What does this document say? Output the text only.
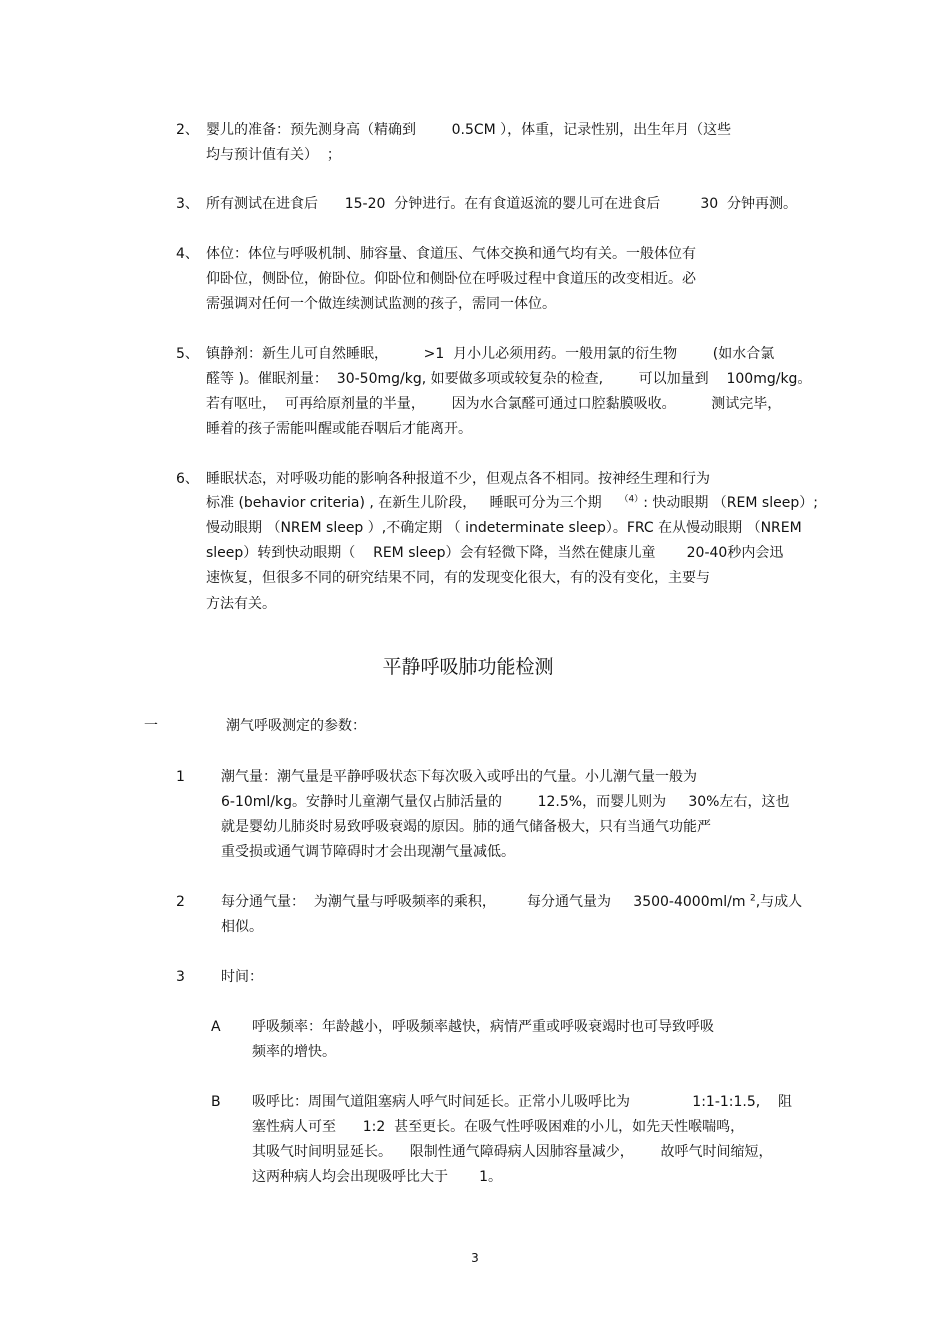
2、 婴儿的准备：预先测身高（精确到        0.5CM ），体重，记录性别，出生年月（这些
均与预计值有关）  ；
3、 所有测试在进食后      15-20  分钟进行。在有食道返流的婴儿可在进食后         30  分钟再测。
4、 体位：体位与呼吸机制、肺容量、食道压、气体交换和通气均有关。一般体位有
仰卧位，侧卧位，俯卧位。仰卧位和侧卧位在呼吸过程中食道压的改变相近。必
需强调对任何一个做连续测试监测的孩子，需同一体位。
5、 镇静剂：新生儿可自然睡眠，        >1  月小儿必须用药。一般用氯的衍生物        (如水合氯
醛等 )。催眠剂量：  30-50mg/kg, 如要做多项或较复杂的检查,        可以加量到    100mg/kg。
若有呕吐，  可再给原剂量的半量，      因为水合氯醛可通过口腔黏膜吸收。        测试完毕，
睡着的孩子需能叫醒或能吞咽后才能离开。
6、 睡眠状态，对呼吸功能的影响各种报道不少，但观点各不相同。按神经生理和行为
标准 (behavior criteria) , 在新生儿阶段，   睡眠可分为三个期    $^{(4)}$: 快动眼期 （REM sleep）;
慢动眼期 （NREM sleep ）,不确定期 （ indeterminate sleep）。FRC 在从慢动眼期 （NREM
sleep）转到快动眼期（    REM sleep）会有轻微下降，当然在健康儿童       20-40秒内会迅
速恢复，但很多不同的研究结果不同，有的发现变化很大，有的没有变化，主要与
方法有关。
平静呼吸肺功能检测
一	潮气呼吸测定的参数：
1	潮气量：潮气量是平静呼吸状态下每次吸入或呼出的气量。小儿潮气量一般为
6-10ml/kg。安静时儿童潮气量仅占肺活量的        12.5%，而婴儿则为     30%左右，这也
就是婴幼儿肺炎时易致呼吸衰竭的原因。肺的通气储备极大，只有当通气功能严
重受损或通气调节障碍时才会出现潮气量减低。
2	每分通气量：  为潮气量与呼吸频率的乘积，       每分通气量为     3500-4000ml/m $^2$,与成人
相似。
3	时间：
A 呼吸频率：年龄越小，呼吸频率越快，病情严重或呼吸衰竭时也可导致呼吸
频率的增快。
B 吸呼比：周围气道阻塞病人呼气时间延长。正常小儿吸呼比为              1:1-1:1.5,    阻
塞性病人可至      1:2  甚至更长。在吸气性呼吸困难的小儿，如先天性喉喘鸣，
其吸气时间明显延长。    限制性通气障碍病人因肺容量减少，      故呼气时间缩短，
这两种病人均会出现吸呼比大于       1。
3
